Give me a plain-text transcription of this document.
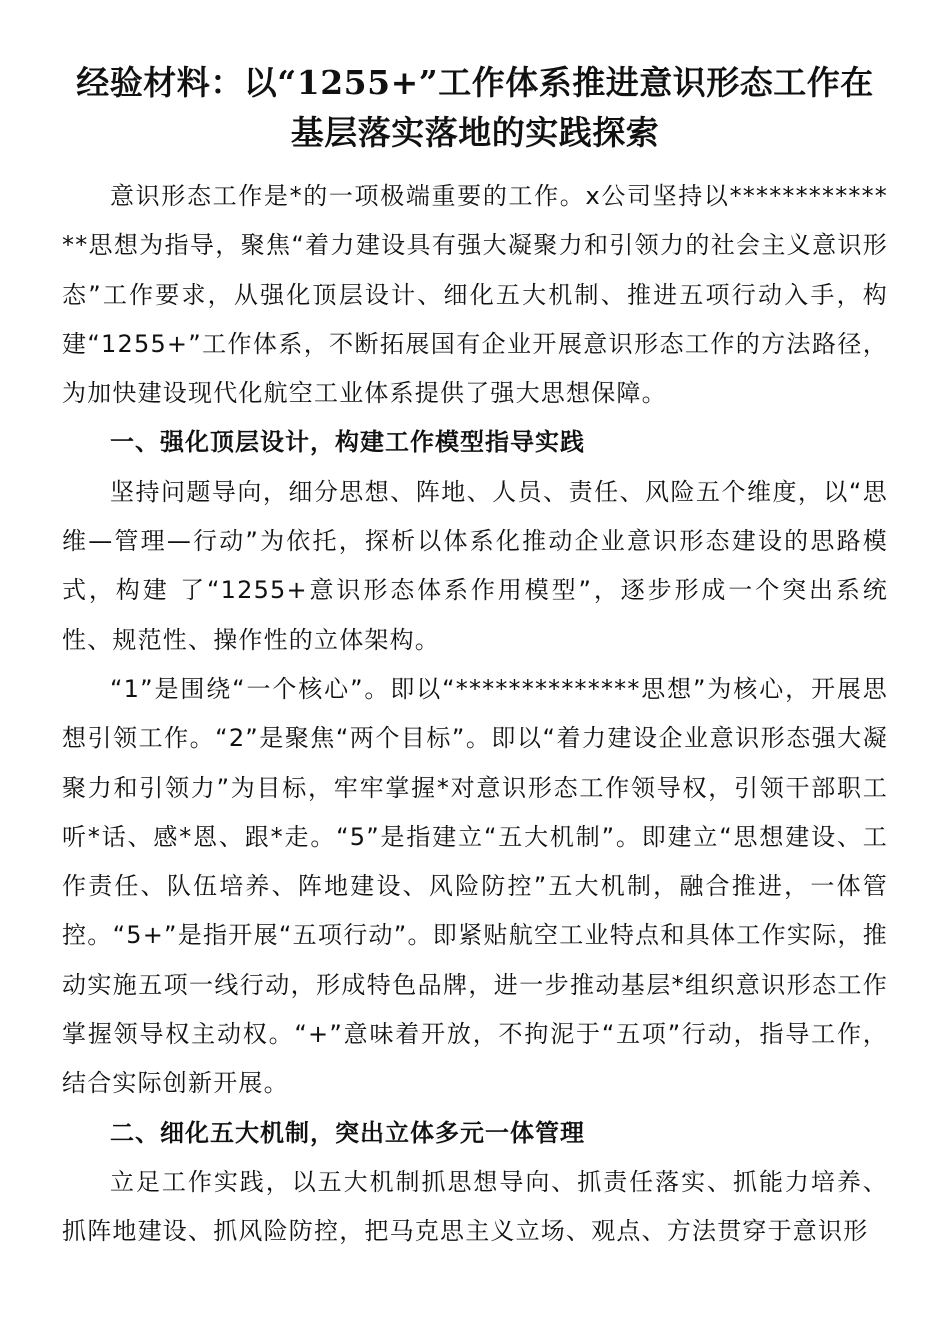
经验材料：以“1255+”工作体系推进意识形态工作在
基层落实落地的实践探索

意识形态工作是*的一项极端重要的工作。x公司坚持以**************思想为指导，聚焦“着力建设具有强大凝聚力和引领力的社会主义意识形态”工作要求，从强化顶层设计、细化五大机制、推进五项行动入手，构建“1255+”工作体系，不断拓展国有企业开展意识形态工作的方法路径，为加快建设现代化航空工业体系提供了强大思想保障。

一、强化顶层设计，构建工作模型指导实践

坚持问题导向，细分思想、阵地、人员、责任、风险五个维度，以“思维—管理—行动”为依托，探析以体系化推动企业意识形态建设的思路模式，构建 了“1255+意识形态体系作用模型”，逐步形成一个突出系统性、规范性、操作性的立体架构。

“1”是围绕“一个核心”。即以“**************思想”为核心，开展思想引领工作。“2”是聚焦“两个目标”。即以“着力建设企业意识形态强大凝聚力和引领力”为目标，牢牢掌握*对意识形态工作领导权，引领干部职工听*话、感*恩、跟*走。“5”是指建立“五大机制”。即建立“思想建设、工作责任、队伍培养、阵地建设、风险防控”五大机制，融合推进，一体管控。“5+”是指开展“五项行动”。即紧贴航空工业特点和具体工作实际，推动实施五项一线行动，形成特色品牌，进一步推动基层*组织意识形态工作掌握领导权主动权。“+”意味着开放，不拘泥于“五项”行动，指导工作，结合实际创新开展。

二、细化五大机制，突出立体多元一体管理

立足工作实践，以五大机制抓思想导向、抓责任落实、抓能力培养、抓阵地建设、抓风险防控，把马克思主义立场、观点、方法贯穿于意识形
